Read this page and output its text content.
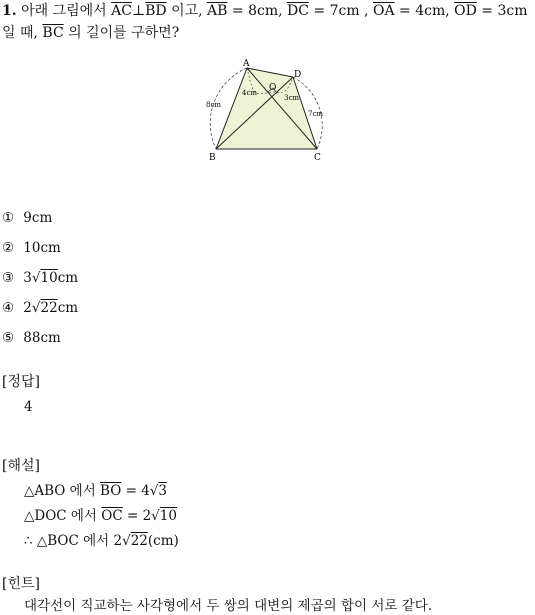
1. 아래 그림에서 $\overline{AC}\perp\overline{BD}$ 이고, $\overline{AB} = 8cm$, $\overline{DC} = 7cm$ , $\overline{OA} = 4cm$, $\overline{OD} = 3cm$
일 때, $\overline{BC}$ 의 길이를 구하면?
A
D
O
B	C
8cm
4cm
3cm
7cm
① 9cm
② 10cm
③ 3√10cm
④ 2√22cm
⑤ 88cm
[정답]
4
[해설]
△ABO 에서 $\overline{BO} = 4√3$
△DOC 에서 $\overline{OC} = 2√10$
∴ △BOC 에서 2√22(cm)
[힌트]
대각선이 직교하는 사각형에서 두 쌍의 대변의 제곱의 합이 서로 같다.
